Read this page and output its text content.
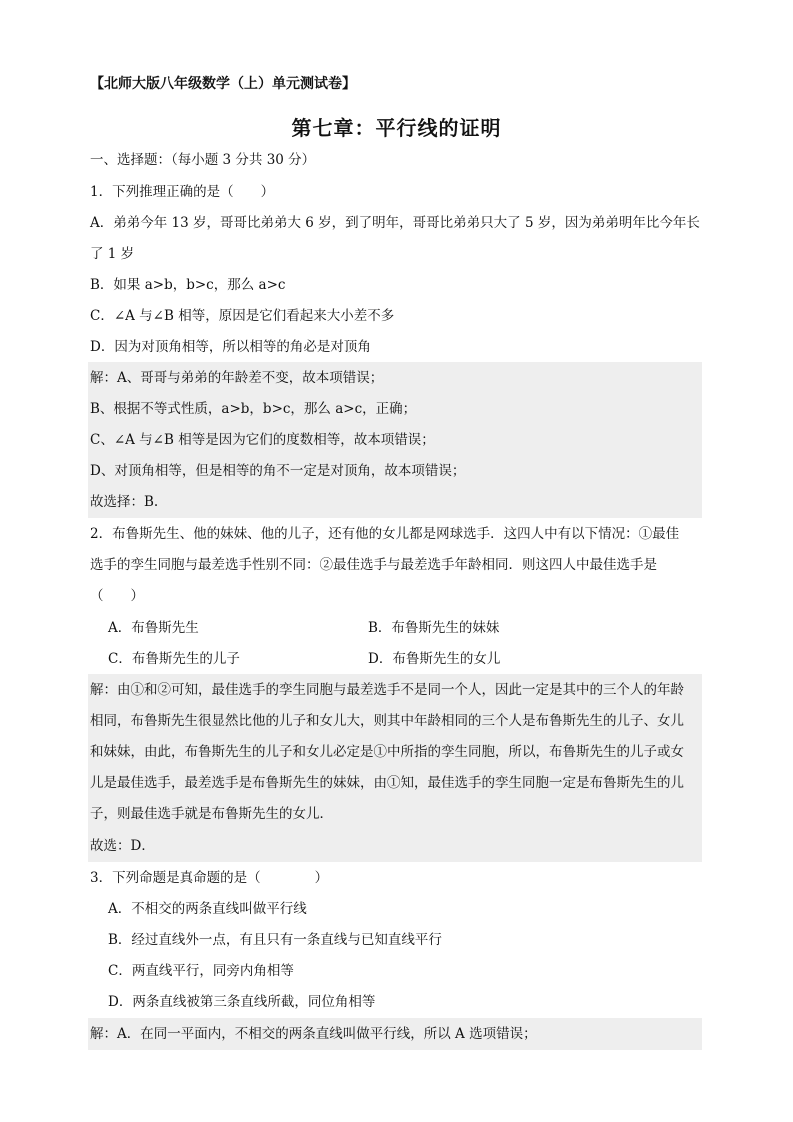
【北师大版八年级数学（上）单元测试卷】
第七章：平行线的证明
一、选择题：（每小题 3 分共 30 分）
1．下列推理正确的是（　　）
A．弟弟今年 13 岁，哥哥比弟弟大 6 岁，到了明年，哥哥比弟弟只大了 5 岁，因为弟弟明年比今年长
了 1 岁
B．如果 a>b，b>c，那么 a>c
C．∠A 与∠B 相等，原因是它们看起来大小差不多
D．因为对顶角相等，所以相等的角必是对顶角
解：A、哥哥与弟弟的年龄差不变，故本项错误；
B、根据不等式性质，a>b，b>c，那么 a>c，正确；
C、∠A 与∠B 相等是因为它们的度数相等，故本项错误；
D、对顶角相等，但是相等的角不一定是对顶角，故本项错误；
故选择：B.
2．布鲁斯先生、他的妹妹、他的儿子，还有他的女儿都是网球选手．这四人中有以下情况：①最佳
选手的孪生同胞与最差选手性别不同：②最佳选手与最差选手年龄相同．则这四人中最佳选手是
（　　）
A．布鲁斯先生	B．布鲁斯先生的妹妹
C．布鲁斯先生的儿子	D．布鲁斯先生的女儿
解：由①和②可知，最佳选手的孪生同胞与最差选手不是同一个人，因此一定是其中的三个人的年龄
相同，布鲁斯先生很显然比他的儿子和女儿大，则其中年龄相同的三个人是布鲁斯先生的儿子、女儿
和妹妹，由此，布鲁斯先生的儿子和女儿必定是①中所指的孪生同胞，所以，布鲁斯先生的儿子或女
儿是最佳选手，最差选手是布鲁斯先生的妹妹，由①知，最佳选手的孪生同胞一定是布鲁斯先生的儿
子，则最佳选手就是布鲁斯先生的女儿．
故选：D．
3．下列命题是真命题的是（　　　　）
A．不相交的两条直线叫做平行线
B．经过直线外一点，有且只有一条直线与已知直线平行
C．两直线平行，同旁内角相等
D．两条直线被第三条直线所截，同位角相等
解：A．在同一平面内，不相交的两条直线叫做平行线，所以 A 选项错误；
